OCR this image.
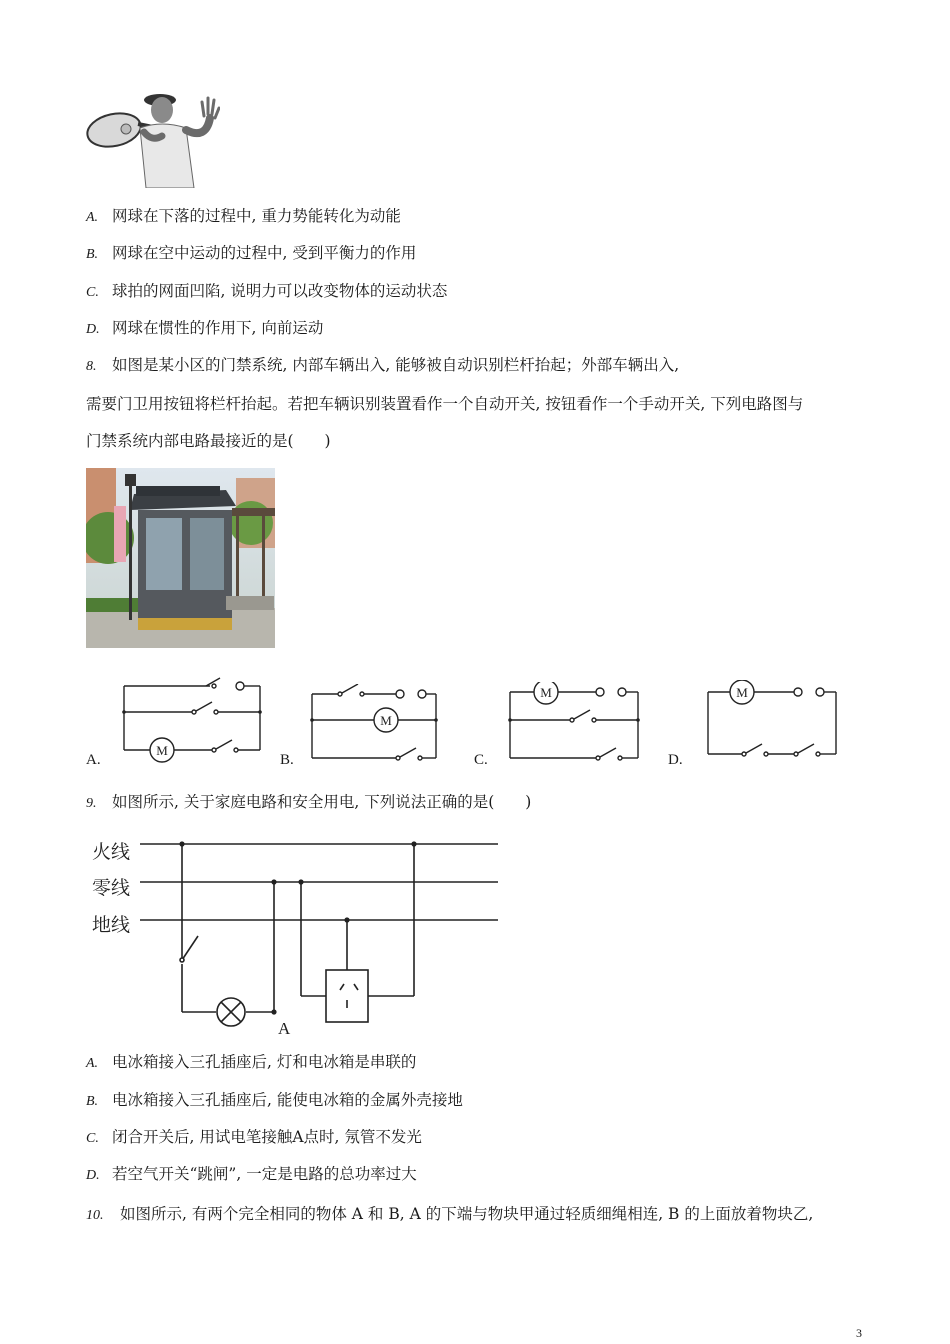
A. 网球在下落的过程中, 重力势能转化为动能
B. 网球在空中运动的过程中, 受到平衡力的作用
C. 球拍的网面凹陷, 说明力可以改变物体的运动状态
D. 网球在惯性的作用下, 向前运动
8. 如图是某小区的门禁系统, 内部车辆出入, 能够被自动识别栏杆抬起；外部车辆出入,
需要门卫用按钮将栏杆抬起。若把车辆识别装置看作一个自动开关, 按钮看作一个手动开关, 下列电路图与
门禁系统内部电路最接近的是(　　)
M
A.
M
B.
M
C.
M
D.
9. 如图所示, 关于家庭电路和安全用电, 下列说法正确的是(　　)
火线
零线
地线
A
A. 电冰箱接入三孔插座后, 灯和电冰箱是串联的
B. 电冰箱接入三孔插座后, 能使电冰箱的金属外壳接地
C. 闭合开关后, 用试电笔接触A点时, 氖管不发光
D. 若空气开关“跳闸”, 一定是电路的总功率过大
10. 如图所示, 有两个完全相同的物体 A 和 B, A 的下端与物块甲通过轻质细绳相连, B 的上面放着物块乙,
3
